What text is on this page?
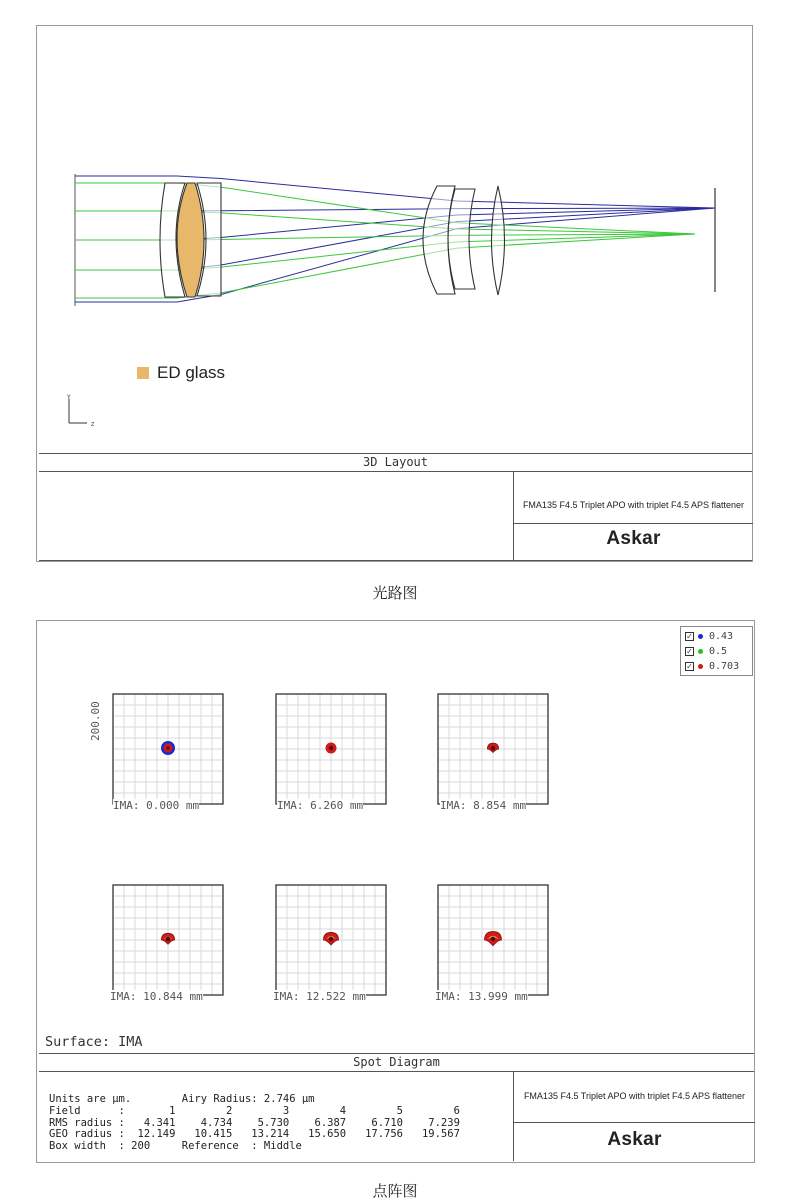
Y
Z
ED glass
3D Layout
FMA135 F4.5 Triplet APO with triplet F4.5 APS flattener
Askar
光路图
✓ 0.43
✓ 0.5
✓ 0.703
200.00
IMA: 0.000 mm	IMA: 6.260 mm	IMA: 8.854 mm
IMA: 10.844 mm	IMA: 12.522 mm	IMA: 13.999 mm
Surface: IMA
Spot Diagram
Units are μm.        Airy Radius: 2.746 μm
Field      :       1        2        3        4        5        6
RMS radius :   4.341    4.734    5.730    6.387    6.710    7.239
GEO radius :  12.149   10.415   13.214   15.650   17.756   19.567
Box width  : 200     Reference  : Middle
FMA135 F4.5 Triplet APO with triplet F4.5 APS flattener
Askar
点阵图
